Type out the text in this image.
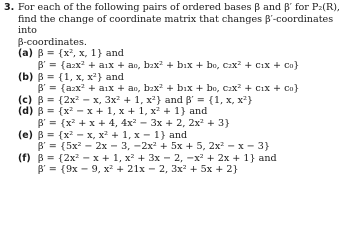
3. For each of the following pairs of ordered bases β and β′ for P₂(R),
find the change of coordinate matrix that changes β′-coordinates into
β-coordinates.
(a) β = {x², x, 1} and
β′ = {a₂x² + a₁x + a₀, b₂x² + b₁x + b₀, c₂x² + c₁x + c₀}
(b) β = {1, x, x²} and
β′ = {a₂x² + a₁x + a₀, b₂x² + b₁x + b₀, c₂x² + c₁x + c₀}
(c) β = {2x² − x, 3x² + 1, x²} and β′ = {1, x, x²}
(d) β = {x² − x + 1, x + 1, x² + 1} and
β′ = {x² + x + 4, 4x² − 3x + 2, 2x² + 3}
(e) β = {x² − x, x² + 1, x − 1} and
β′ = {5x² − 2x − 3, −2x² + 5x + 5, 2x² − x − 3}
(f) β = {2x² − x + 1, x² + 3x − 2, −x² + 2x + 1} and
β′ = {9x − 9, x² + 21x − 2, 3x² + 5x + 2}
